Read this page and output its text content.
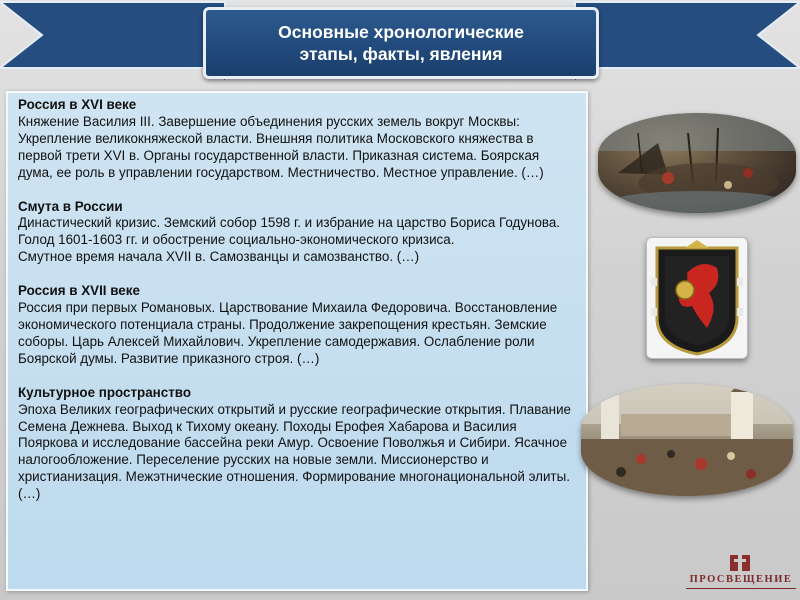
Основные хронологические
этапы, факты, явления
Россия в XVI веке

Княжение Василия III. Завершение объединения русских земель вокруг Москвы: Укрепление великокняжеской власти. Внешняя политика Московского княжества в первой трети XVI в. Органы государственной власти. Приказная система. Боярская дума, ее роль в управлении государством. Местничество. Местное управление. (…)

Смута в России

Династический кризис. Земский собор 1598 г. и избрание на царство Бориса Годунова. Голод 1601-1603 гг. и обострение социально-экономического кризиса.
Смутное время начала XVII в. Самозванцы и самозванство. (…)

Россия в XVII веке

Россия при первых Романовых. Царствование Михаила Федоровича. Восстановление экономического потенциала страны. Продолжение закрепощения крестьян. Земские соборы. Царь Алексей Михайлович. Укрепление самодержавия. Ослабление роли Боярской думы. Развитие приказного строя. (…)

Культурное пространство

Эпоха Великих географических открытий и русские географические открытия. Плавание Семена Дежнева. Выход к Тихому океану. Походы Ерофея Хабарова и Василия Пояркова и исследование бассейна реки Амур. Освоение Поволжья и Сибири. Ясачное налогообложение. Переселение русских на новые земли. Миссионерство и христианизация. Межэтнические отношения. Формирование многонациональной элиты. (…)

ПРОСВЕЩЕНИЕ
